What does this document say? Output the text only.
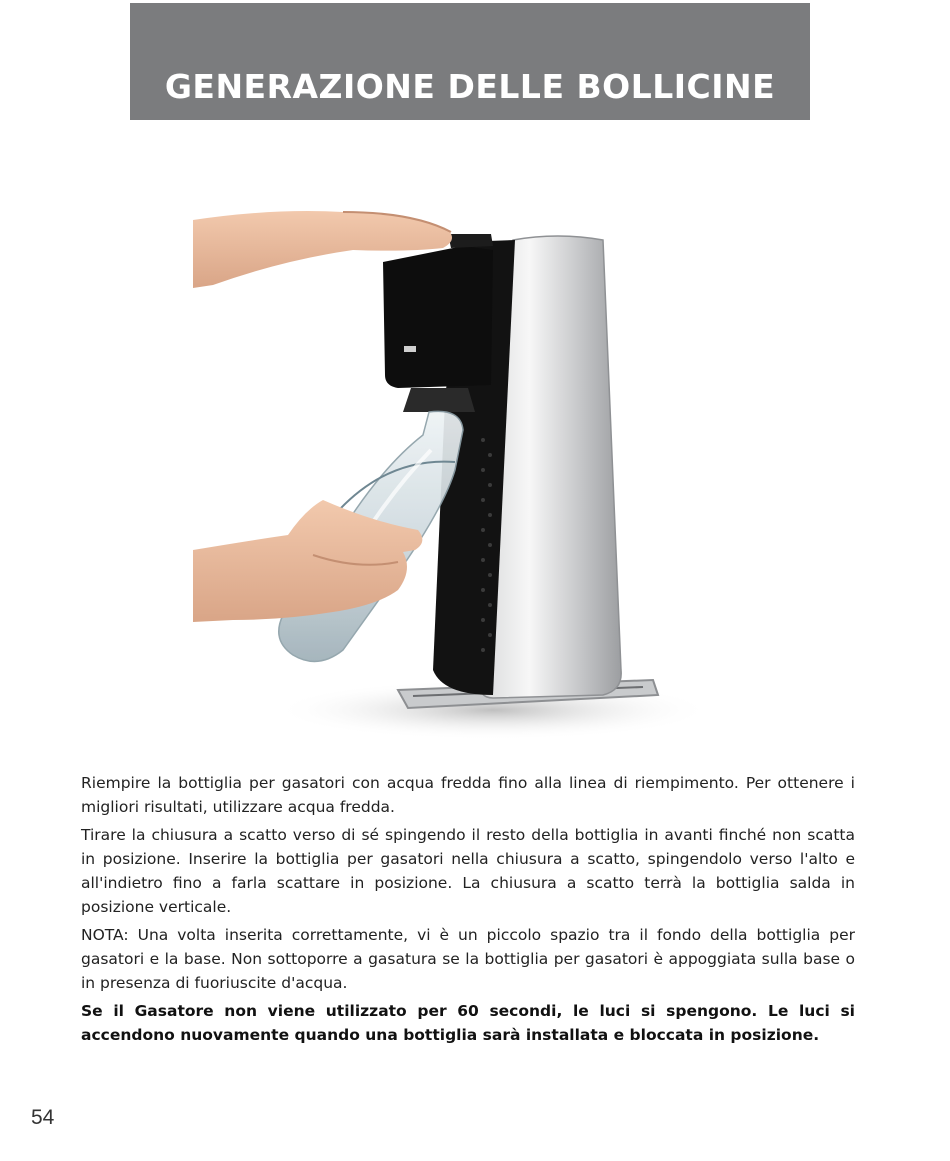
GENERAZIONE DELLE BOLLICINE

Riempire la bottiglia per gasatori con acqua fredda fino alla linea di riempimento. Per ottenere i migliori risultati, utilizzare acqua fredda.

Tirare la chiusura a scatto verso di sé spingendo il resto della bottiglia in avanti finché non scatta in posizione. Inserire la bottiglia per gasatori nella chiusura a scatto, spingendolo verso l'alto e all'indietro fino a farla scattare in posizione. La chiusura a scatto terrà la bottiglia salda in posizione verticale.

NOTA: Una volta inserita correttamente, vi è un piccolo spazio tra il fondo della bottiglia per gasatori e la base. Non sottoporre a gasatura se la bottiglia per gasatori è appoggiata sulla base o in presenza di fuoriuscite d'acqua.

Se il Gasatore non viene utilizzato per 60 secondi, le luci si spengono. Le luci si accendono nuovamente quando una bottiglia sarà installata e bloccata in posizione.

54
